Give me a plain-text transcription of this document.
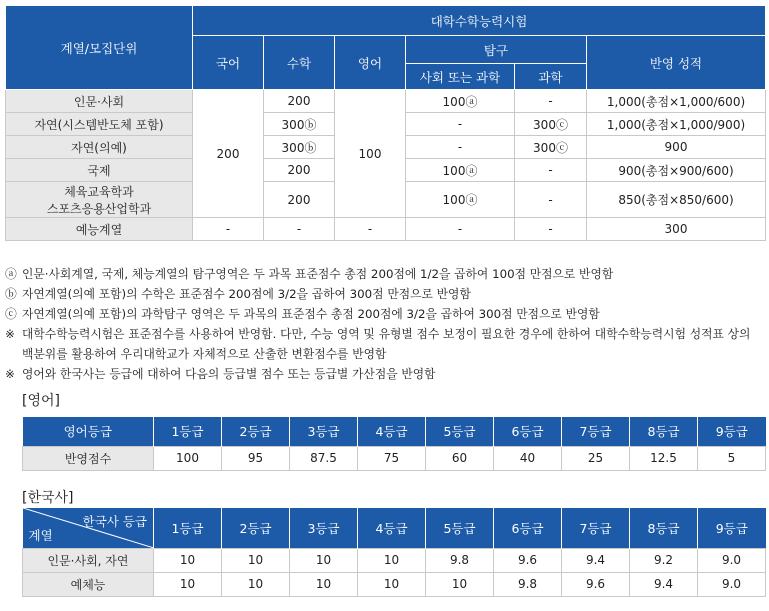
계열/모집단위	대학수학능력시험					
	국어	수학	영어	탐구		반영 성적
				사회 또는 과학	과학	
인문·사회	200	200	100	100ⓐ	-	1,000(총점×1,000/600)
자연(시스템반도체 포함)		300ⓑ		-	300ⓒ	1,000(총점×1,000/900)
자연(의예)		300ⓑ		-	300ⓒ	900
국제		200		100ⓐ	-	900(총점×900/600)

체육교육학과
스포츠응용산업학과		200		100ⓐ	-	850(총점×850/600)
예능계열	-	-	-	-	-	300
ⓐ 인문·사회계열, 국제, 체능계열의 탐구영역은 두 과목 표준점수 총점 200점에 1/2을 곱하여 100점 만점으로 반영함
ⓑ 자연계열(의예 포함)의 수학은 표준점수 200점에 3/2을 곱하여 300점 만점으로 반영함
ⓒ 자연계열(의예 포함)의 과학탐구 영역은 두 과목의 표준점수 총점 200점에 3/2을 곱하여 300점 만점으로 반영함
※ 대학수학능력시험은 표준점수를 사용하여 반영함. 다만, 수능 영역 및 유형별 점수 보정이 필요한 경우에 한하여 대학수학능력시험 성적표 상의 백분위를 활용하여 우리대학교가 자체적으로 산출한 변환점수를 반영함
※ 영어와 한국사는 등급에 대하여 다음의 등급별 점수 또는 등급별 가산점을 반영함
[영어]
영어등급	1등급	2등급	3등급	4등급	5등급	6등급	7등급	8등급	9등급
반영점수	100	95	87.5	75	60	40	25	12.5	5
[한국사]
한국사 등급
계열	1등급	2등급	3등급	4등급	5등급	6등급	7등급	8등급	9등급
인문·사회, 자연	10	10	10	10	9.8	9.6	9.4	9.2	9.0
예체능	10	10	10	10	10	9.8	9.6	9.4	9.0
